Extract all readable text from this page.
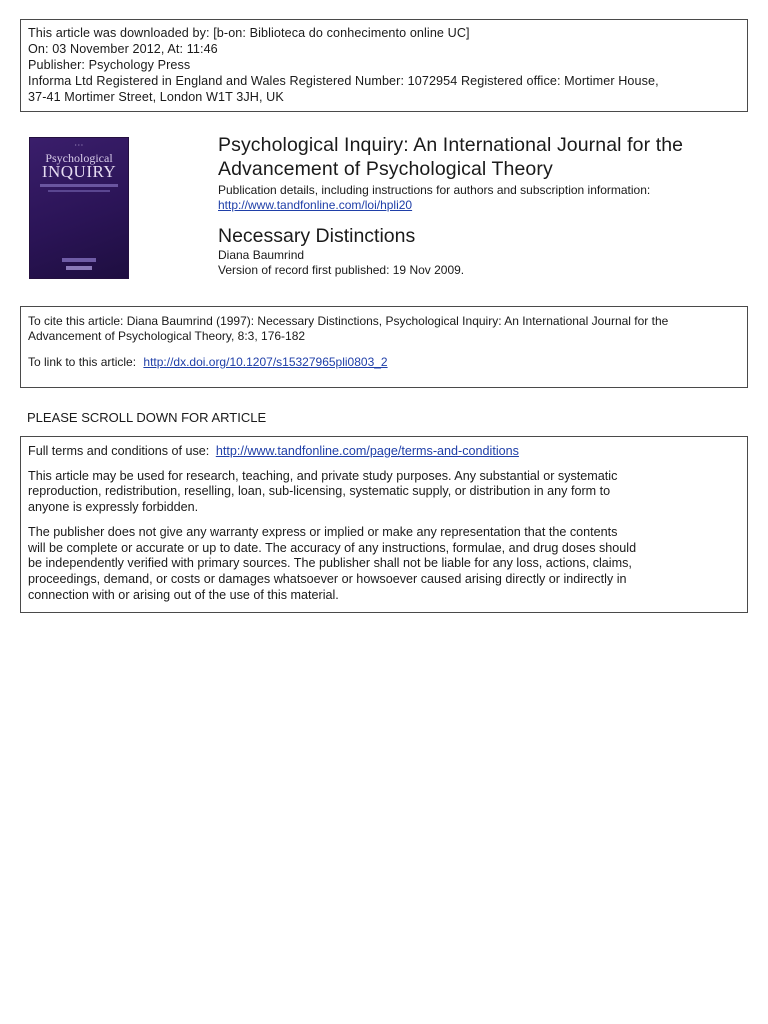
This article was downloaded by: [b-on: Biblioteca do conhecimento online UC]
On: 03 November 2012, At: 11:46
Publisher: Psychology Press
Informa Ltd Registered in England and Wales Registered Number: 1072954 Registered office: Mortimer House,
37-41 Mortimer Street, London W1T 3JH, UK
• • •
Psychological
INQUIRY
Psychological Inquiry: An International Journal for the
Advancement of Psychological Theory
Publication details, including instructions for authors and subscription information:
http://www.tandfonline.com/loi/hpli20
Necessary Distinctions
Diana Baumrind
Version of record first published: 19 Nov 2009.
To cite this article: Diana Baumrind (1997): Necessary Distinctions, Psychological Inquiry: An International Journal for the
Advancement of Psychological Theory, 8:3, 176-182
To link to this article: http://dx.doi.org/10.1207/s15327965pli0803_2
PLEASE SCROLL DOWN FOR ARTICLE
Full terms and conditions of use: http://www.tandfonline.com/page/terms-and-conditions
This article may be used for research, teaching, and private study purposes. Any substantial or systematic
reproduction, redistribution, reselling, loan, sub-licensing, systematic supply, or distribution in any form to
anyone is expressly forbidden.
The publisher does not give any warranty express or implied or make any representation that the contents
will be complete or accurate or up to date. The accuracy of any instructions, formulae, and drug doses should
be independently verified with primary sources. The publisher shall not be liable for any loss, actions, claims,
proceedings, demand, or costs or damages whatsoever or howsoever caused arising directly or indirectly in
connection with or arising out of the use of this material.
